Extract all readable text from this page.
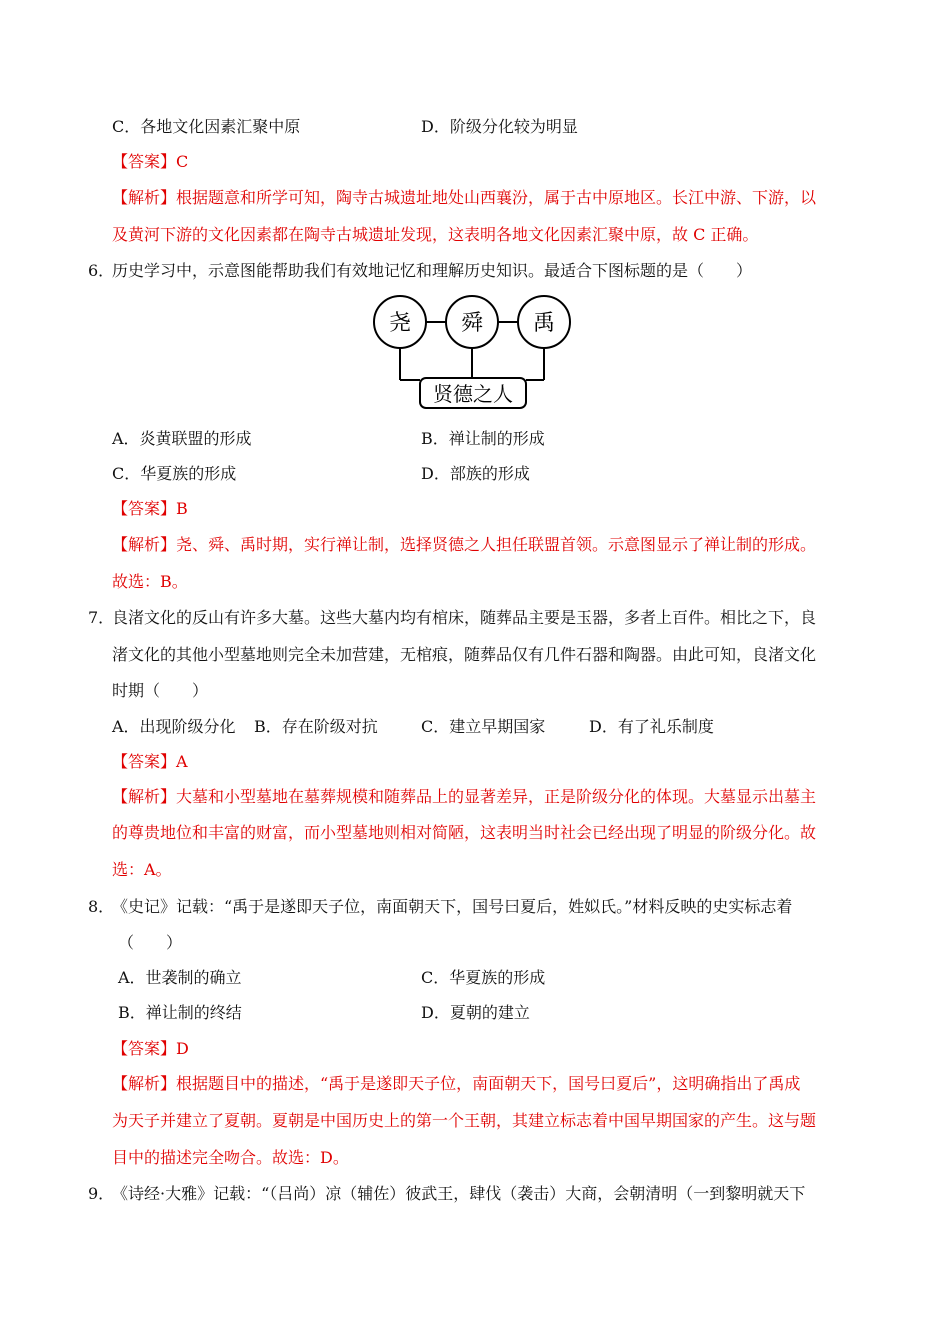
C．各地文化因素汇聚中原	D．阶级分化较为明显
【答案】C
【解析】根据题意和所学可知，陶寺古城遗址地处山西襄汾，属于古中原地区。长江中游、下游，以
及黄河下游的文化因素都在陶寺古城遗址发现，这表明各地文化因素汇聚中原，故 C 正确。
6．
历史学习中，示意图能帮助我们有效地记忆和理解历史知识。最适合下图标题的是（　　）
尧 舜 禹
贤德之人
A．炎黄联盟的形成	B．禅让制的形成
C．华夏族的形成	D．部族的形成
【答案】B
【解析】尧、舜、禹时期，实行禅让制，选择贤德之人担任联盟首领。示意图显示了禅让制的形成。
故选：B。
7．
良渚文化的反山有许多大墓。这些大墓内均有棺床，随葬品主要是玉器，多者上百件。相比之下，良
渚文化的其他小型墓地则完全未加营建，无棺痕，随葬品仅有几件石器和陶器。由此可知，良渚文化
时期（　　）
A．出现阶级分化 B．存在阶级对抗	C．建立早期国家	D．有了礼乐制度
【答案】A
【解析】大墓和小型墓地在墓葬规模和随葬品上的显著差异，正是阶级分化的体现。大墓显示出墓主
的尊贵地位和丰富的财富，而小型墓地则相对简陋，这表明当时社会已经出现了明显的阶级分化。故
选：A。
8．
《史记》记载：“禹于是遂即天子位，南面朝天下，国号曰夏后，姓姒氏。”材料反映的史实标志着
（　　）
A．世袭制的确立	C．华夏族的形成
B．禅让制的终结	D．夏朝的建立
【答案】D
【解析】根据题目中的描述，“禹于是遂即天子位，南面朝天下，国号曰夏后”，这明确指出了禹成
为天子并建立了夏朝。夏朝是中国历史上的第一个王朝，其建立标志着中国早期国家的产生。这与题
目中的描述完全吻合。故选：D。
9．
《诗经·大雅》记载：“（吕尚）凉（辅佐）彼武王，肆伐（袭击）大商，会朝清明（一到黎明就天下
